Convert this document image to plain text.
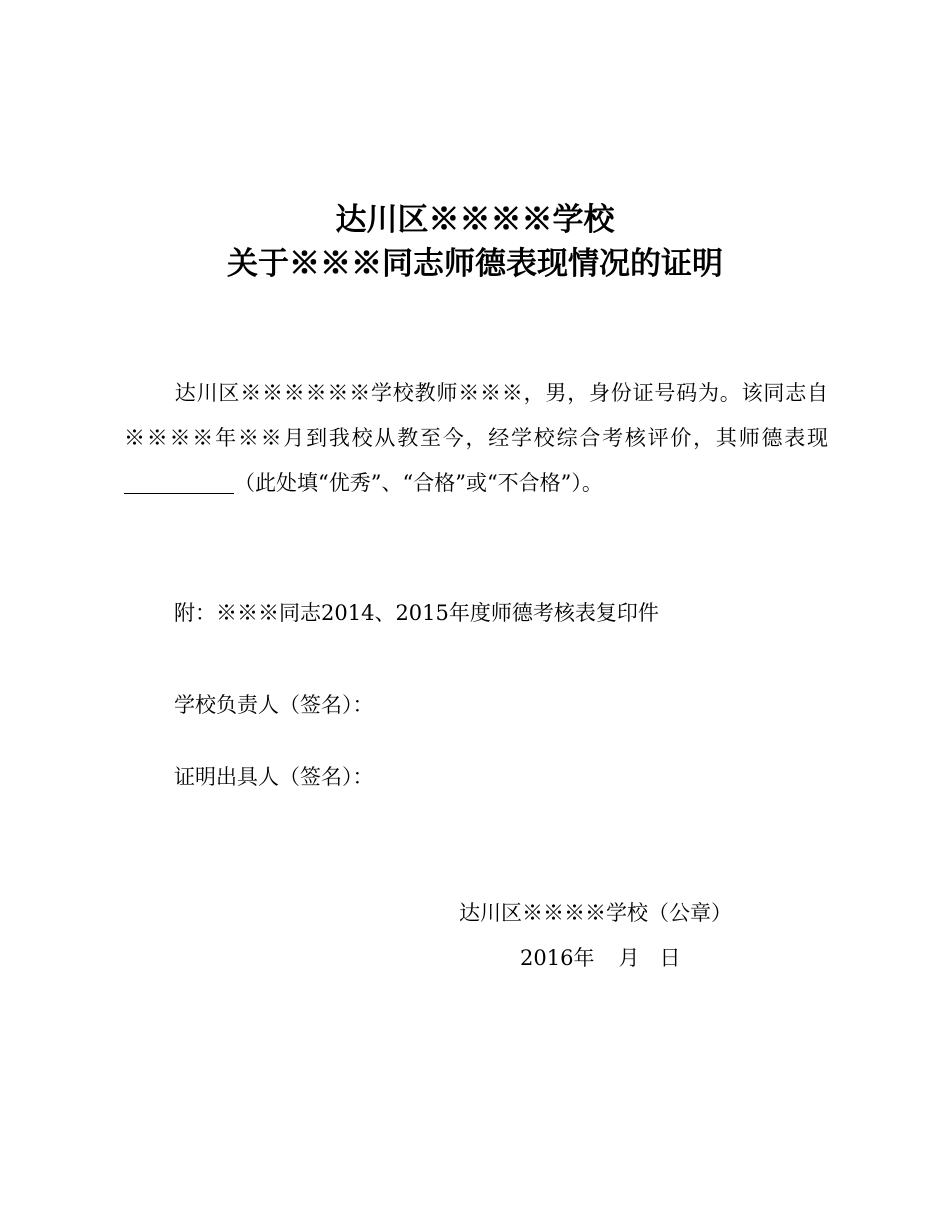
达川区※※※※学校
关于※※※同志师德表现情况的证明
达川区※※※※※※学校教师※※※，男，身份证号码为。该同志自※※※※年※※月到我校从教至今，经学校综合考核评价，其师德表现（此处填“优秀”、“合格”或“不合格”）。
附：※※※同志2014、2015年度师德考核表复印件
学校负责人（签名）：
证明出具人（签名）：
达川区※※※※学校（公章）
2016年 月 日
